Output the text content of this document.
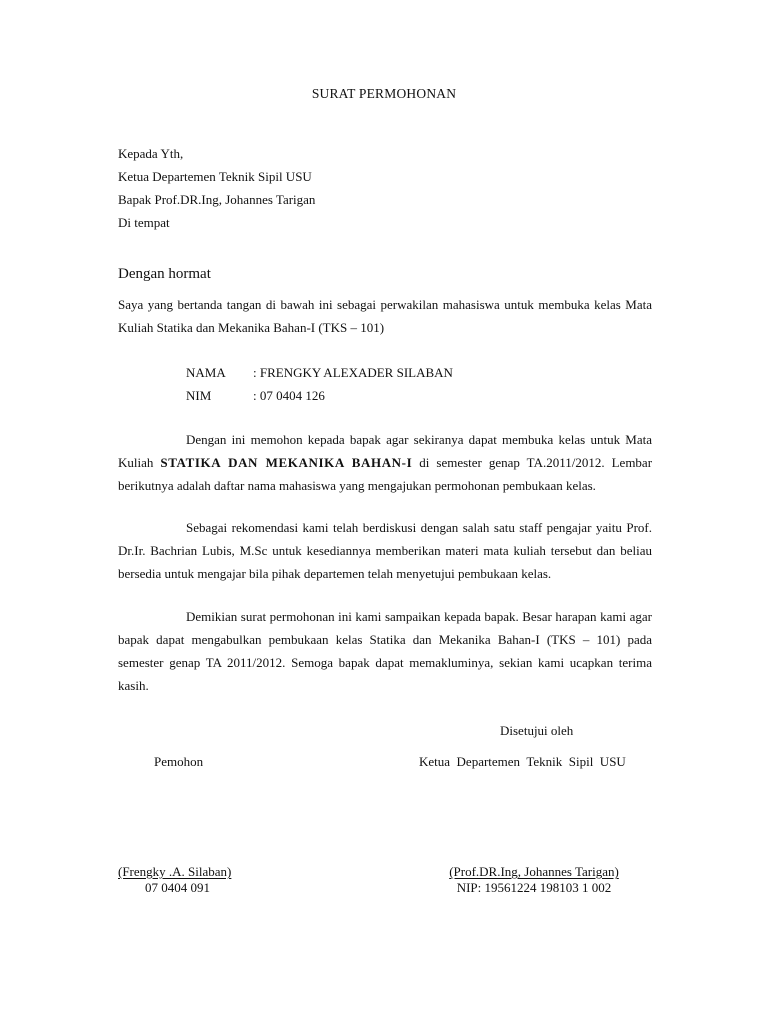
SURAT PERMOHONAN
Kepada Yth,
Ketua Departemen Teknik Sipil USU
Bapak Prof.DR.Ing, Johannes Tarigan
Di tempat
Dengan hormat
Saya yang bertanda tangan di bawah ini sebagai perwakilan mahasiswa untuk membuka kelas Mata
Kuliah Statika dan Mekanika Bahan-I (TKS – 101)
NAMA : FRENGKY ALEXADER SILABAN
NIM	: 07 0404 126
Dengan ini memohon kepada bapak agar sekiranya dapat membuka kelas untuk Mata
Kuliah STATIKA DAN MEKANIKA BAHAN-I di semester genap TA.2011/2012. Lembar
berikutnya adalah daftar nama mahasiswa yang mengajukan permohonan pembukaan kelas.
Sebagai rekomendasi kami telah berdiskusi dengan salah satu staff pengajar yaitu Prof.
Dr.Ir. Bachrian Lubis, M.Sc untuk kesediannya memberikan materi mata kuliah tersebut dan beliau
bersedia untuk mengajar bila pihak departemen telah menyetujui pembukaan kelas.
Demikian surat permohonan ini kami sampaikan kepada bapak. Besar harapan kami agar
bapak dapat mengabulkan pembukaan kelas Statika dan Mekanika Bahan-I (TKS – 101) pada
semester genap TA 2011/2012. Semoga bapak dapat memakluminya, sekian kami ucapkan terima
kasih.
Disetujui oleh
Pemohon	Ketua  Departemen  Teknik  Sipil  USU
(Frengky .A. Silaban)
07 0404 091
(Prof.DR.Ing, Johannes Tarigan)
NIP: 19561224 198103 1 002
